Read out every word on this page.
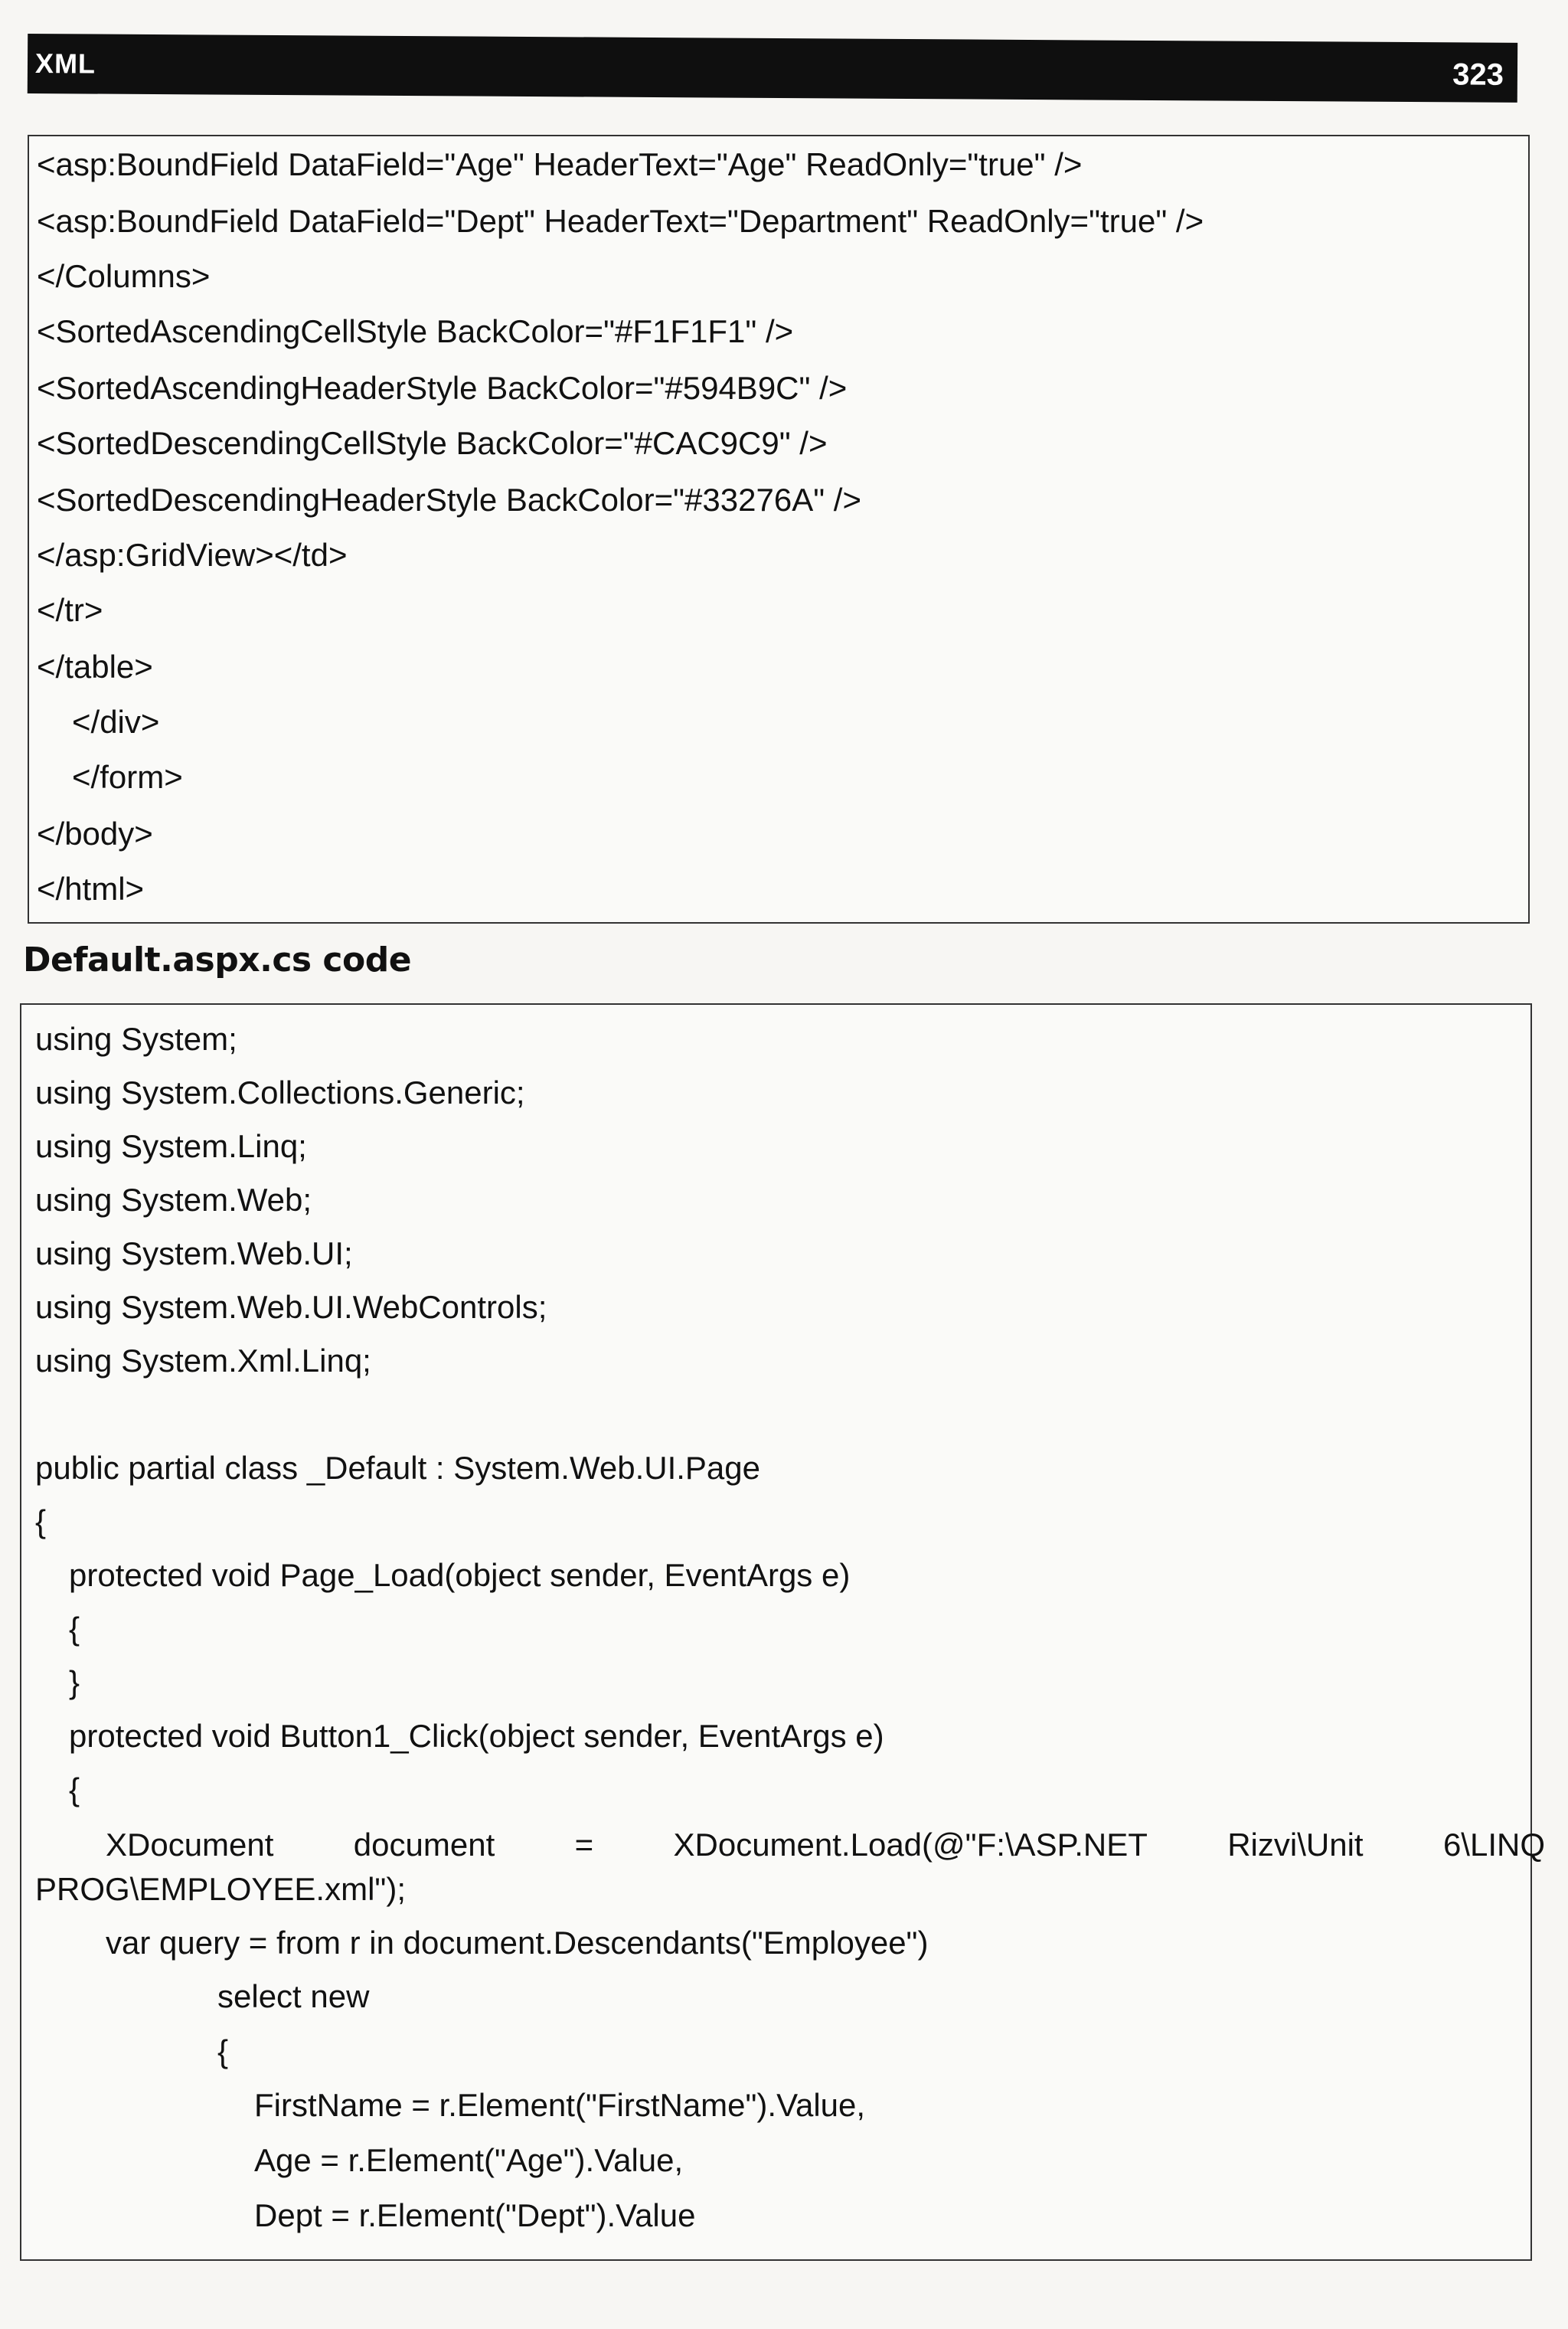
XML	323
<asp:BoundField DataField="Age" HeaderText="Age" ReadOnly="true" />
<asp:BoundField DataField="Dept" HeaderText="Department" ReadOnly="true" />
</Columns>
<SortedAscendingCellStyle BackColor="#F1F1F1" />
<SortedAscendingHeaderStyle BackColor="#594B9C" />
<SortedDescendingCellStyle BackColor="#CAC9C9" />
<SortedDescendingHeaderStyle BackColor="#33276A" />
</asp:GridView></td>
</tr>
</table>
</div>
</form>
</body>
</html>
Default.aspx.cs code
using System;
using System.Collections.Generic;
using System.Linq;
using System.Web;
using System.Web.UI;
using System.Web.UI.WebControls;
using System.Xml.Linq;
public partial class _Default : System.Web.UI.Page
{
protected void Page_Load(object sender, EventArgs e)
{
}
protected void Button1_Click(object sender, EventArgs e)
{
XDocument document = XDocument.Load(@"F:\ASP.NET Rizvi\Unit 6\LINQ
PROG\EMPLOYEE.xml");
var query = from r in document.Descendants("Employee")
select new
{
FirstName = r.Element("FirstName").Value,
Age = r.Element("Age").Value,
Dept = r.Element("Dept").Value
